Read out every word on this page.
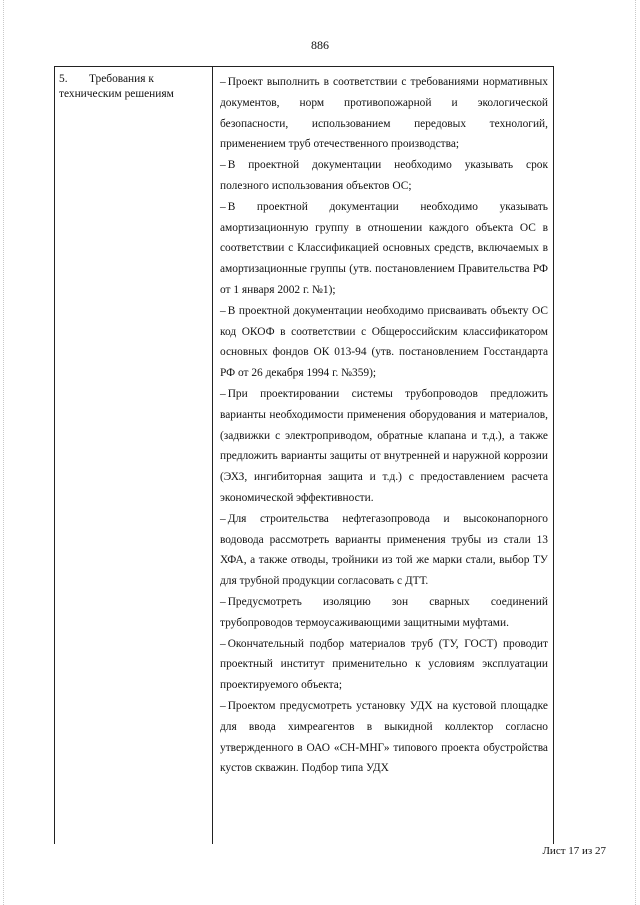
886
5. Требования к
техническим решениям

– Проект выполнить в соответствии с требованиями нормативных документов, норм противопожарной и экологической безопасности, использованием передовых технологий, применением труб отечественного производства;

– В проектной документации необходимо указывать срок полезного использования объектов ОС;

– В проектной документации необходимо указывать амортизационную группу в отношении каждого объекта ОС в соответствии с Классификацией основных средств, включаемых в амортизационные группы (утв. постановлением Правительства РФ от 1 января 2002 г. №1);

– В проектной документации необходимо присваивать объекту ОС код ОКОФ в соответствии с Общероссийским классификатором основных фондов ОК 013-94 (утв. постановлением Госстандарта РФ от 26 декабря 1994 г. №359);

– При проектировании системы трубопроводов предложить варианты необходимости применения оборудования и материалов, (задвижки с электроприводом, обратные клапана и т.д.), а также предложить варианты защиты от внутренней и наружной коррозии (ЭХЗ, ингибиторная защита и т.д.) с предоставлением расчета экономической эффективности.

– Для строительства нефтегазопровода и высоконапорного водовода рассмотреть варианты применения трубы из стали 13 ХФА, а также отводы, тройники из той же марки стали, выбор ТУ для трубной продукции согласовать с ДТТ.

– Предусмотреть изоляцию зон сварных соединений трубопроводов термоусаживающими защитными муфтами.

– Окончательный подбор материалов труб (ТУ, ГОСТ) проводит проектный институт применительно к условиям эксплуатации проектируемого объекта;

– Проектом предусмотреть установку УДХ на кустовой площадке для ввода химреагентов в выкидной коллектор согласно утвержденного в ОАО «СН-МНГ» типового проекта обустройства кустов скважин. Подбор типа УДХ

Лист 17 из 27
